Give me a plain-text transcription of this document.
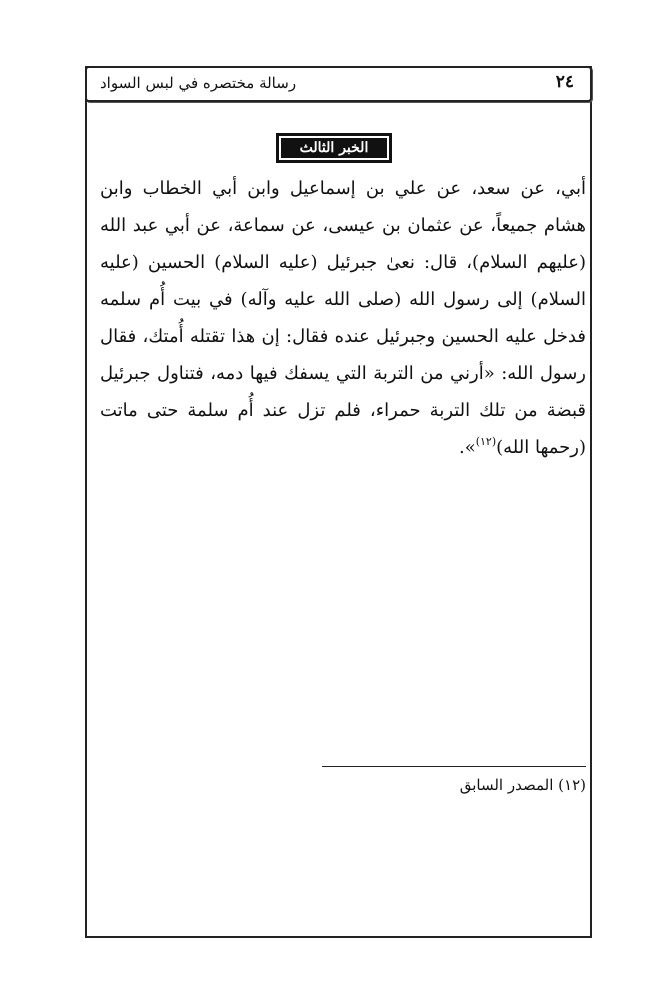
رسالة مختصره في لبس السواد	٢٤
الخبر الثالث

أبي، عن سعد، عن علي بن إسماعيل وابن أبي الخطاب وابن هشام جميعاً، عن عثمان بن عيسى، عن سماعة، عن أبي عبد الله (عليهم السلام)، قال: نعىٰ جبرئيل (عليه السلام) الحسين (عليه السلام) إلى رسول الله (صلى الله عليه وآله) في بيت أُم سلمه فدخل عليه الحسين وجبرئيل عنده فقال: إن هذا تقتله أُمتك، فقال رسول الله: «أرني من التربة التي يسفك فيها دمه، فتناول جبرئيل قبضة من تلك التربة حمراء، فلم تزل عند أُم سلمة حتى ماتت (رحمها الله)$^{(١٢)}$».

(١٢) المصدر السابق
